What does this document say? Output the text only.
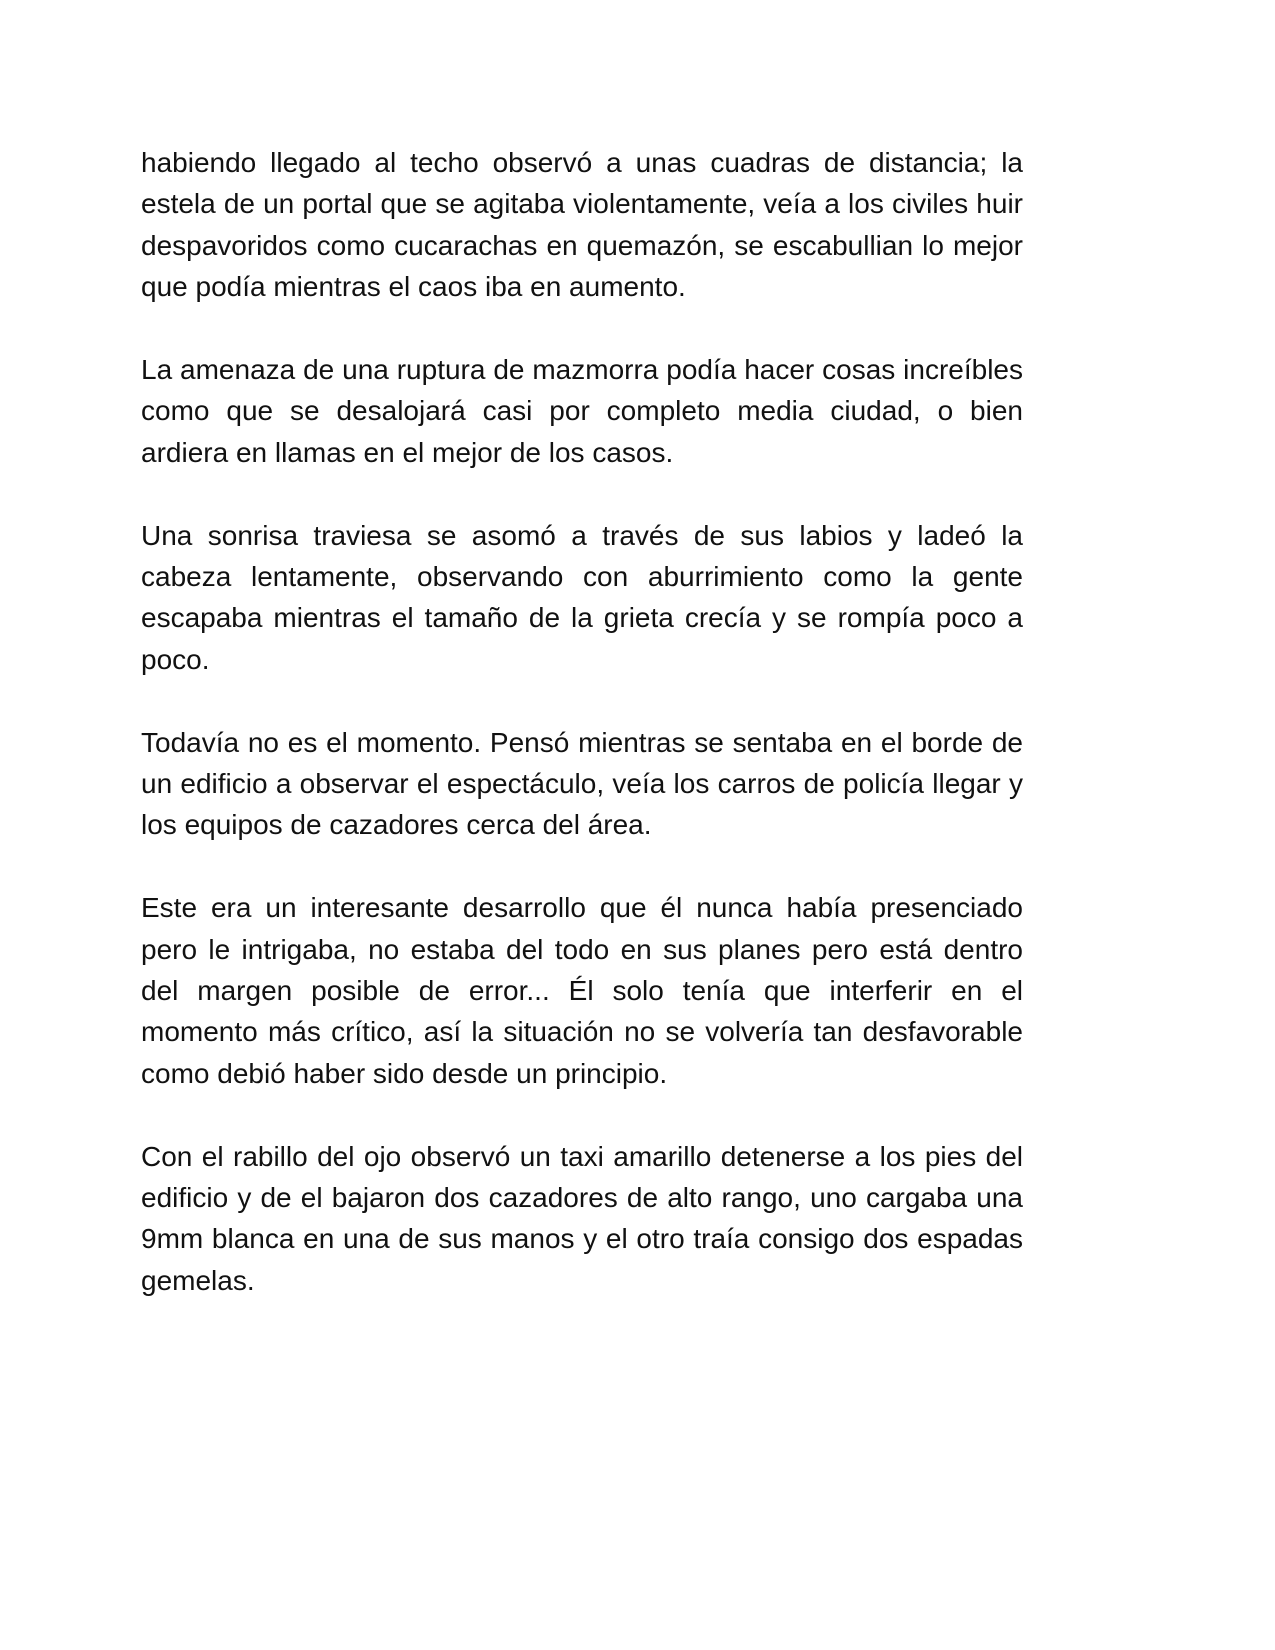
habiendo llegado al techo observó a unas cuadras de distancia; la estela de un portal que se agitaba violentamente, veía a los civiles huir despavoridos como cucarachas en quemazón, se escabullian lo mejor que podía mientras el caos iba en aumento.

La amenaza de una ruptura de mazmorra podía hacer cosas increíbles como que se desalojará casi por completo media ciudad, o bien ardiera en llamas en el mejor de los casos.

Una sonrisa traviesa se asomó a través de sus labios y ladeó la cabeza lentamente, observando con aburrimiento como la gente escapaba mientras el tamaño de la grieta crecía y se rompía poco a poco.

Todavía no es el momento. Pensó mientras se sentaba en el borde de un edificio a observar el espectáculo, veía los carros de policía llegar y los equipos de cazadores cerca del área.

Este era un interesante desarrollo que él nunca había presenciado pero le intrigaba, no estaba del todo en sus planes pero está dentro del margen posible de error... Él solo tenía que interferir en el momento más crítico, así la situación no se volvería tan desfavorable como debió haber sido desde un principio.

Con el rabillo del ojo observó un taxi amarillo detenerse a los pies del edificio y de el bajaron dos cazadores de alto rango, uno cargaba una 9mm blanca en una de sus manos y el otro traía consigo dos espadas gemelas.
